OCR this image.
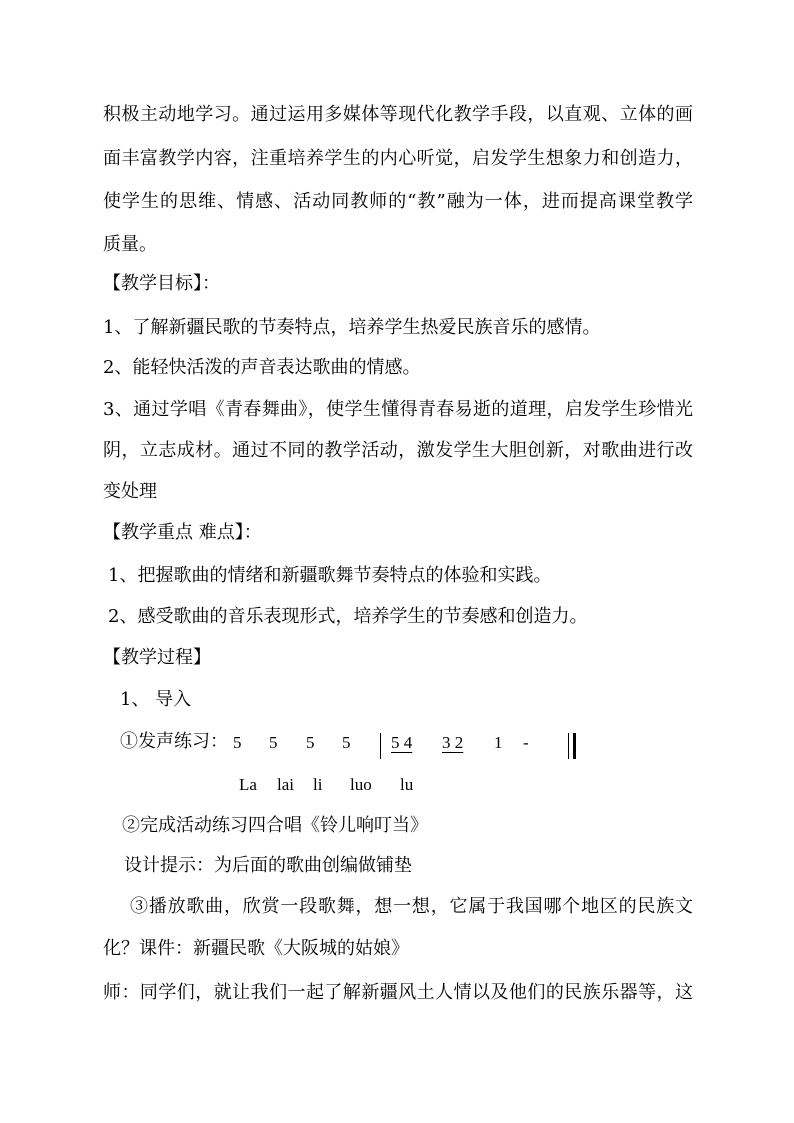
积极主动地学习。通过运用多媒体等现代化教学手段，以直观、立体的画
面丰富教学内容，注重培养学生的内心听觉，启发学生想象力和创造力，
使学生的思维、情感、活动同教师的“教”融为一体，进而提高课堂教学
质量。
【教学目标】：
1、了解新疆民歌的节奏特点，培养学生热爱民族音乐的感情。
2、能轻快活泼的声音表达歌曲的情感。
3、通过学唱《青春舞曲》，使学生懂得青春易逝的道理，启发学生珍惜光
阴，立志成材。通过不同的教学活动，激发学生大胆创新，对歌曲进行改
变处理
【教学重点 难点】：
1、把握歌曲的情绪和新疆歌舞节奏特点的体验和实践。
2、感受歌曲的音乐表现形式，培养学生的节奏感和创造力。
【教学过程】
1、 导入
①发声练习： 5 5 5 5 5 4 3 2 1 -
La lai li luo lu
②完成活动练习四合唱《铃儿响叮当》
设计提示：为后面的歌曲创编做铺垫
③播放歌曲，欣赏一段歌舞，想一想，它属于我国哪个地区的民族文
化？课件：新疆民歌《大阪城的姑娘》
师：同学们，就让我们一起了解新疆风土人情以及他们的民族乐器等，这
